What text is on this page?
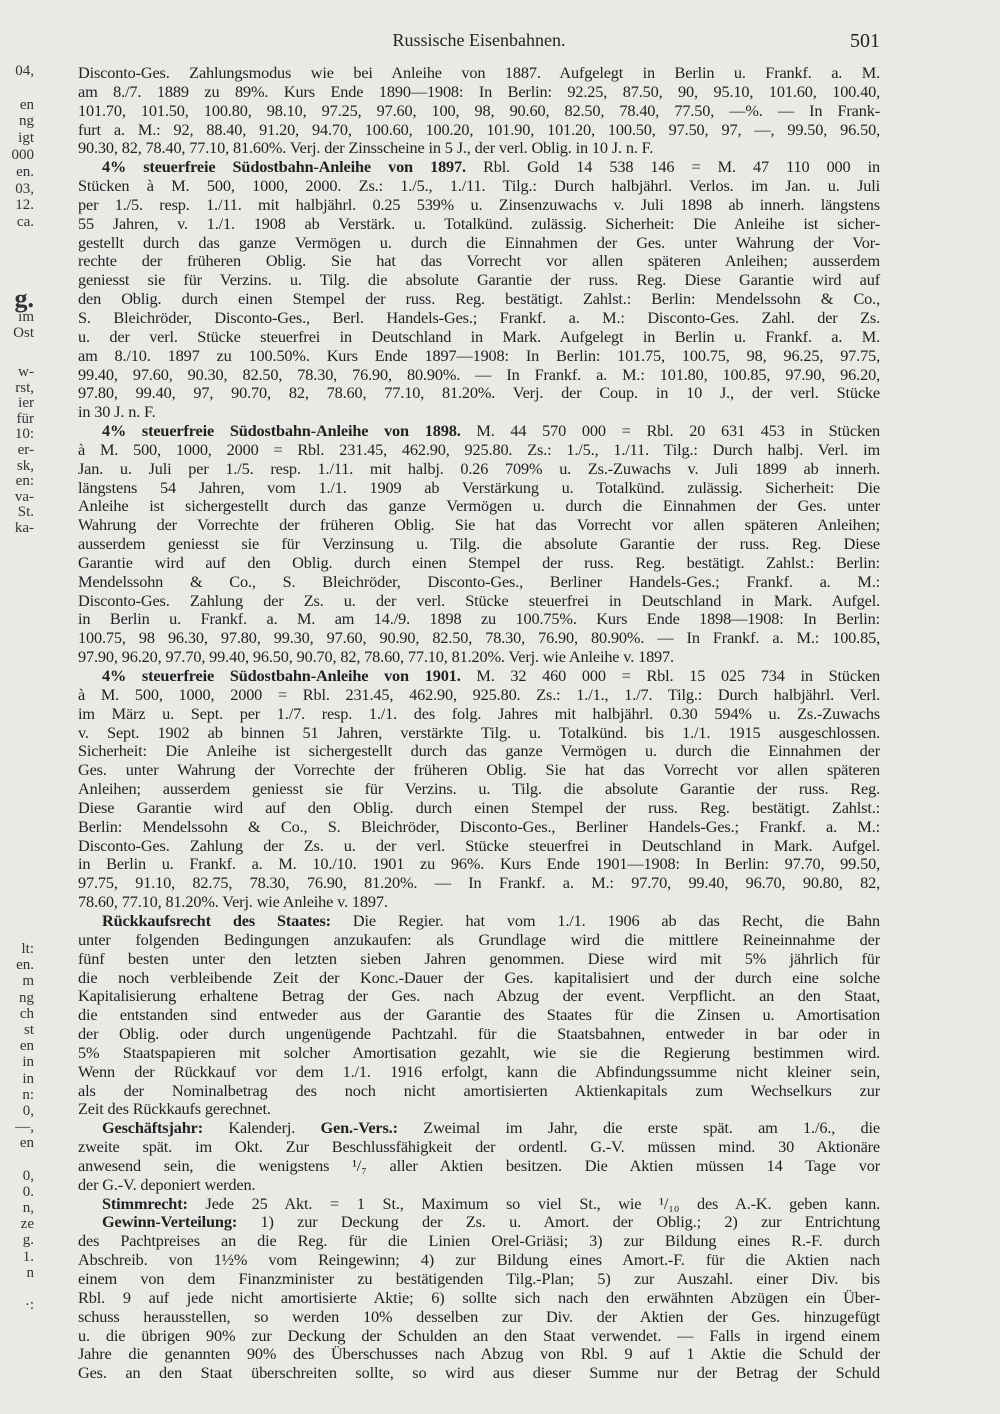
Russische Eisenbahnen.	501
04,
en
ng
igt
000
en.
03,
12.
ca.
g.
ım
Ost
w-
rst,
ier
für
10:
er-
sk,
en:
va-
St.
ka-
lt:
en.
m
ng
ch
st
en
in
in
n:
0,
—,
en
0,
0.
n,
ze
g.
1.
n
·:
Disconto-Ges. Zahlungsmodus wie bei Anleihe von 1887. Aufgelegt in Berlin u. Frankf. a. M.
am 8./7. 1889 zu 89%. Kurs Ende 1890—1908: In Berlin: 92.25, 87.50, 90, 95.10, 101.60, 100.40,
101.70, 101.50, 100.80, 98.10, 97.25, 97.60, 100, 98, 90.60, 82.50, 78.40, 77.50, —%. — In Frank-
furt a. M.: 92, 88.40, 91.20, 94.70, 100.60, 100.20, 101.90, 101.20, 100.50, 97.50, 97, —, 99.50, 96.50,
90.30, 82, 78.40, 77.10, 81.60%. Verj. der Zinsscheine in 5 J., der verl. Oblig. in 10 J. n. F.
4% steuerfreie Südostbahn-Anleihe von 1897. Rbl. Gold 14 538 146 = M. 47 110 000 in
Stücken à M. 500, 1000, 2000. Zs.: 1./5., 1./11. Tilg.: Durch halbjährl. Verlos. im Jan. u. Juli
per 1./5. resp. 1./11. mit halbjährl. 0.25 539% u. Zinsenzuwachs v. Juli 1898 ab innerh. längstens
55 Jahren, v. 1./1. 1908 ab Verstärk. u. Totalkünd. zulässig. Sicherheit: Die Anleihe ist sicher-
gestellt durch das ganze Vermögen u. durch die Einnahmen der Ges. unter Wahrung der Vor-
rechte der früheren Oblig. Sie hat das Vorrecht vor allen späteren Anleihen; ausserdem
geniesst sie für Verzins. u. Tilg. die absolute Garantie der russ. Reg. Diese Garantie wird auf
den Oblig. durch einen Stempel der russ. Reg. bestätigt. Zahlst.: Berlin: Mendelssohn & Co.,
S. Bleichröder, Disconto-Ges., Berl. Handels-Ges.; Frankf. a. M.: Disconto-Ges. Zahl. der Zs.
u. der verl. Stücke steuerfrei in Deutschland in Mark. Aufgelegt in Berlin u. Frankf. a. M.
am 8./10. 1897 zu 100.50%. Kurs Ende 1897—1908: In Berlin: 101.75, 100.75, 98, 96.25, 97.75,
99.40, 97.60, 90.30, 82.50, 78.30, 76.90, 80.90%. — In Frankf. a. M.: 101.80, 100.85, 97.90, 96.20,
97.80, 99.40, 97, 90.70, 82, 78.60, 77.10, 81.20%. Verj. der Coup. in 10 J., der verl. Stücke
in 30 J. n. F.
4% steuerfreie Südostbahn-Anleihe von 1898. M. 44 570 000 = Rbl. 20 631 453 in Stücken
à M. 500, 1000, 2000 = Rbl. 231.45, 462.90, 925.80. Zs.: 1./5., 1./11. Tilg.: Durch halbj. Verl. im
Jan. u. Juli per 1./5. resp. 1./11. mit halbj. 0.26 709% u. Zs.-Zuwachs v. Juli 1899 ab innerh.
längstens 54 Jahren, vom 1./1. 1909 ab Verstärkung u. Totalkünd. zulässig. Sicherheit: Die
Anleihe ist sichergestellt durch das ganze Vermögen u. durch die Einnahmen der Ges. unter
Wahrung der Vorrechte der früheren Oblig. Sie hat das Vorrecht vor allen späteren Anleihen;
ausserdem geniesst sie für Verzinsung u. Tilg. die absolute Garantie der russ. Reg. Diese
Garantie wird auf den Oblig. durch einen Stempel der russ. Reg. bestätigt. Zahlst.: Berlin:
Mendelssohn & Co., S. Bleichröder, Disconto-Ges., Berliner Handels-Ges.; Frankf. a. M.:
Disconto-Ges. Zahlung der Zs. u. der verl. Stücke steuerfrei in Deutschland in Mark. Aufgel.
in Berlin u. Frankf. a. M. am 14./9. 1898 zu 100.75%. Kurs Ende 1898—1908: In Berlin:
100.75, 98 96.30, 97.80, 99.30, 97.60, 90.90, 82.50, 78.30, 76.90, 80.90%. — In Frankf. a. M.: 100.85,
97.90, 96.20, 97.70, 99.40, 96.50, 90.70, 82, 78.60, 77.10, 81.20%. Verj. wie Anleihe v. 1897.
4% steuerfreie Südostbahn-Anleihe von 1901. M. 32 460 000 = Rbl. 15 025 734 in Stücken
à M. 500, 1000, 2000 = Rbl. 231.45, 462.90, 925.80. Zs.: 1./1., 1./7. Tilg.: Durch halbjährl. Verl.
im März u. Sept. per 1./7. resp. 1./1. des folg. Jahres mit halbjährl. 0.30 594% u. Zs.-Zuwachs
v. Sept. 1902 ab binnen 51 Jahren, verstärkte Tilg. u. Totalkünd. bis 1./1. 1915 ausgeschlossen.
Sicherheit: Die Anleihe ist sichergestellt durch das ganze Vermögen u. durch die Einnahmen der
Ges. unter Wahrung der Vorrechte der früheren Oblig. Sie hat das Vorrecht vor allen späteren
Anleihen; ausserdem geniesst sie für Verzins. u. Tilg. die absolute Garantie der russ. Reg.
Diese Garantie wird auf den Oblig. durch einen Stempel der russ. Reg. bestätigt. Zahlst.:
Berlin: Mendelssohn & Co., S. Bleichröder, Disconto-Ges., Berliner Handels-Ges.; Frankf. a. M.:
Disconto-Ges. Zahlung der Zs. u. der verl. Stücke steuerfrei in Deutschland in Mark. Aufgel.
in Berlin u. Frankf. a. M. 10./10. 1901 zu 96%. Kurs Ende 1901—1908: In Berlin: 97.70, 99.50,
97.75, 91.10, 82.75, 78.30, 76.90, 81.20%. — In Frankf. a. M.: 97.70, 99.40, 96.70, 90.80, 82,
78.60, 77.10, 81.20%. Verj. wie Anleihe v. 1897.
Rückkaufsrecht des Staates: Die Regier. hat vom 1./1. 1906 ab das Recht, die Bahn
unter folgenden Bedingungen anzukaufen: als Grundlage wird die mittlere Reineinnahme der
fünf besten unter den letzten sieben Jahren genommen. Diese wird mit 5% jährlich für
die noch verbleibende Zeit der Konc.-Dauer der Ges. kapitalisiert und der durch eine solche
Kapitalisierung erhaltene Betrag der Ges. nach Abzug der event. Verpflicht. an den Staat,
die entstanden sind entweder aus der Garantie des Staates für die Zinsen u. Amortisation
der Oblig. oder durch ungenügende Pachtzahl. für die Staatsbahnen, entweder in bar oder in
5% Staatspapieren mit solcher Amortisation gezahlt, wie sie die Regierung bestimmen wird.
Wenn der Rückkauf vor dem 1./1. 1916 erfolgt, kann die Abfindungssumme nicht kleiner sein,
als der Nominalbetrag des noch nicht amortisierten Aktienkapitals zum Wechselkurs zur
Zeit des Rückkaufs gerechnet.
Geschäftsjahr: Kalenderj. Gen.-Vers.: Zweimal im Jahr, die erste spät. am 1./6., die
zweite spät. im Okt. Zur Beschlussfähigkeit der ordentl. G.-V. müssen mind. 30 Aktionäre
anwesend sein, die wenigstens ¹/₇ aller Aktien besitzen. Die Aktien müssen 14 Tage vor
der G.-V. deponiert werden.
Stimmrecht: Jede 25 Akt. = 1 St., Maximum so viel St., wie ¹/₁₀ des A.-K. geben kann.
Gewinn-Verteilung: 1) zur Deckung der Zs. u. Amort. der Oblig.; 2) zur Entrichtung
des Pachtpreises an die Reg. für die Linien Orel-Griäsi; 3) zur Bildung eines R.-F. durch
Abschreib. von 1½% vom Reingewinn; 4) zur Bildung eines Amort.-F. für die Aktien nach
einem von dem Finanzminister zu bestätigenden Tilg.-Plan; 5) zur Auszahl. einer Div. bis
Rbl. 9 auf jede nicht amortisierte Aktie; 6) sollte sich nach den erwähnten Abzügen ein Über-
schuss herausstellen, so werden 10% desselben zur Div. der Aktien der Ges. hinzugefügt
u. die übrigen 90% zur Deckung der Schulden an den Staat verwendet. — Falls in irgend einem
Jahre die genannten 90% des Überschusses nach Abzug von Rbl. 9 auf 1 Aktie die Schuld der
Ges. an den Staat überschreiten sollte, so wird aus dieser Summe nur der Betrag der Schuld
